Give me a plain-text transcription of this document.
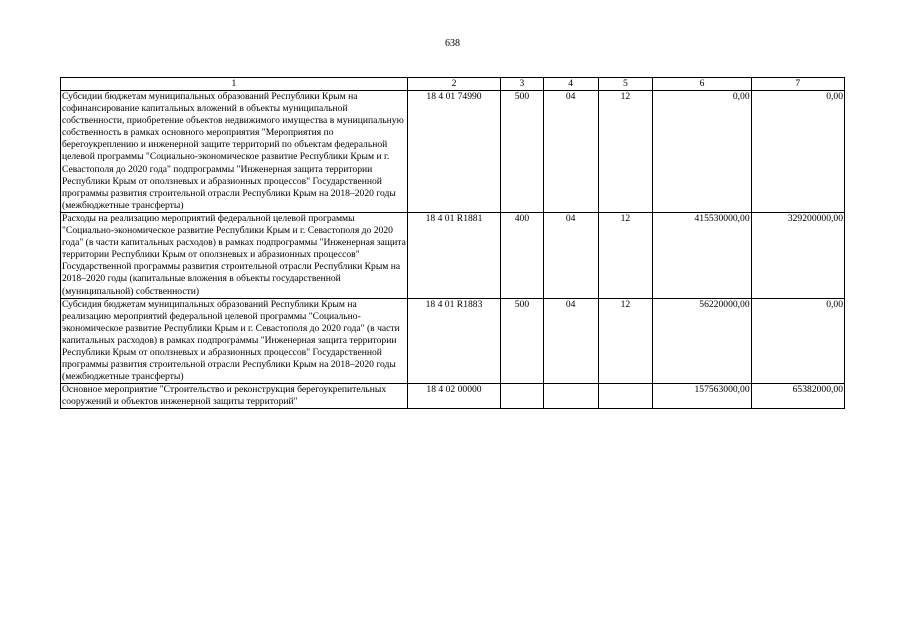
638
1	2	3	4	5	6	7
Субсидии бюджетам муниципальных образований Республики Крым на софинансирование капитальных вложений в объекты муниципальной собственности, приобретение объектов недвижимого имущества в муниципальную собственность в рамках основного мероприятия "Мероприятия по берегоукреплению и инженерной защите территорий по объектам федеральной целевой программы "Социально-экономическое развитие Республики Крым и г. Севастополя до 2020 года" подпрограммы "Инженерная защита территории Республики Крым от оползневых и абразионных процессов" Государственной программы развития строительной отрасли Республики Крым на 2018–2020 годы (межбюджетные трансферты)	18 4 01 74990	500	04	12	0,00	0,00
Расходы на реализацию мероприятий федеральной целевой программы "Социально-экономическое развитие Республики Крым и г. Севастополя до 2020 года" (в части капитальных расходов) в рамках подпрограммы "Инженерная защита территории Республики Крым от оползневых и абразионных процессов" Государственной программы развития строительной отрасли Республики Крым на 2018–2020 годы (капитальные вложения в объекты государственной (муниципальной) собственности)	18 4 01 R1881	400	04	12	415530000,00	329200000,00
Субсидия бюджетам муниципальных образований Республики Крым на реализацию мероприятий федеральной целевой программы "Социально-экономическое развитие Республики Крым и г. Севастополя до 2020 года" (в части капитальных расходов) в рамках подпрограммы "Инженерная защита территории Республики Крым от оползневых и абразионных процессов" Государственной программы развития строительной отрасли Республики Крым на 2018–2020 годы (межбюджетные трансферты)	18 4 01 R1883	500	04	12	56220000,00	0,00
Основное мероприятие "Строительство и реконструкция берегоукрепительных сооружений и объектов инженерной защиты территорий"	18 4 02 00000				157563000,00	65382000,00
